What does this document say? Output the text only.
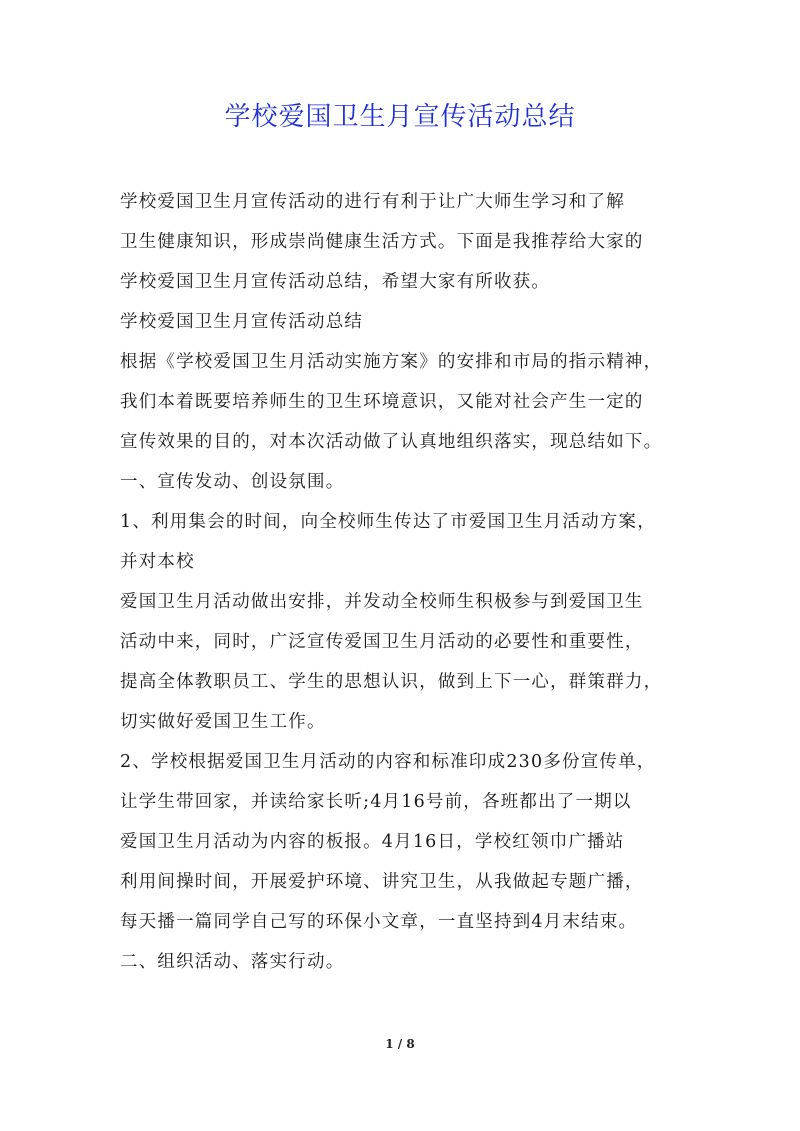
学校爱国卫生月宣传活动总结
学校爱国卫生月宣传活动的进行有利于让广大师生学习和了解
卫生健康知识，形成崇尚健康生活方式。下面是我推荐给大家的
学校爱国卫生月宣传活动总结，希望大家有所收获。
学校爱国卫生月宣传活动总结
根据《学校爱国卫生月活动实施方案》的安排和市局的指示精神，
我们本着既要培养师生的卫生环境意识，又能对社会产生一定的
宣传效果的目的，对本次活动做了认真地组织落实，现总结如下。
一、宣传发动、创设氛围。
1、利用集会的时间，向全校师生传达了市爱国卫生月活动方案，
并对本校
爱国卫生月活动做出安排，并发动全校师生积极参与到爱国卫生
活动中来，同时，广泛宣传爱国卫生月活动的必要性和重要性，
提高全体教职员工、学生的思想认识，做到上下一心，群策群力，
切实做好爱国卫生工作。
2、学校根据爱国卫生月活动的内容和标准印成230多份宣传单，
让学生带回家，并读给家长听;4月16号前，各班都出了一期以
爱国卫生月活动为内容的板报。4月16日，学校红领巾广播站
利用间操时间，开展爱护环境、讲究卫生，从我做起专题广播，
每天播一篇同学自己写的环保小文章，一直坚持到4月末结束。
二、组织活动、落实行动。
1 / 8
